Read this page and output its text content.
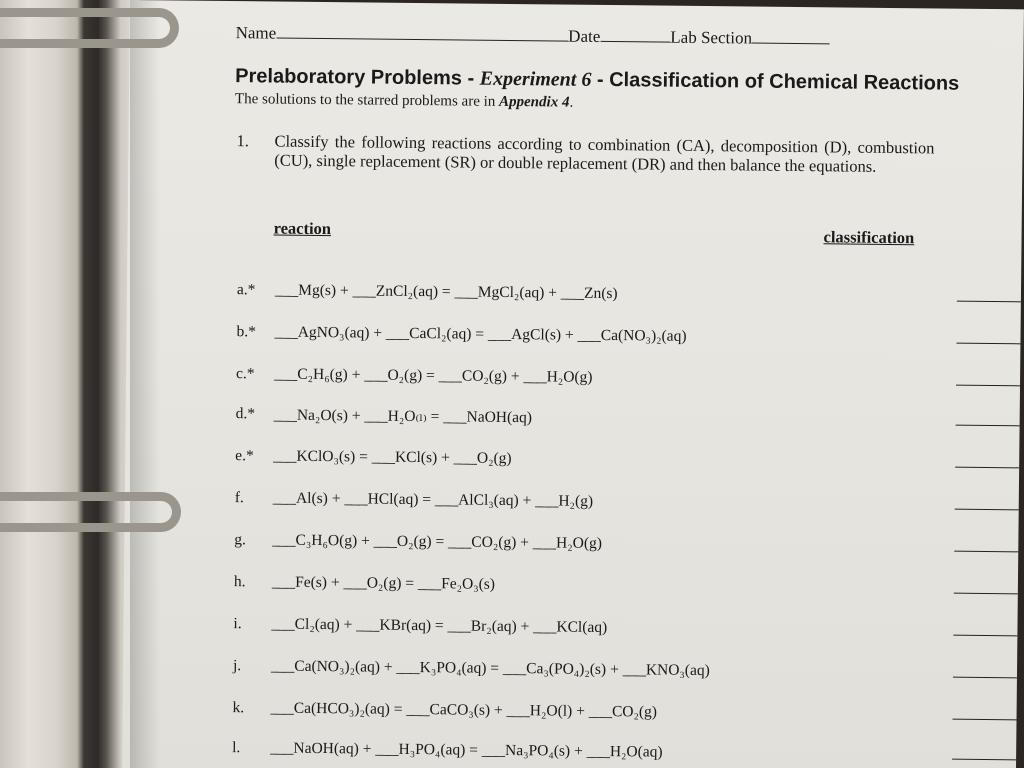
Name	Date	Lab Section
Prelaboratory Problems - Experiment 6 - Classification of Chemical Reactions
The solutions to the starred problems are in Appendix 4.
1. Classify the following reactions according to combination (CA), decomposition (D), combustion (CU), single replacement (SR) or double replacement (DR) and then balance the equations.
reaction	classification
a.* ___Mg(s) + ___ZnCl₂(aq) = ___MgCl₂(aq) + ___Zn(s)
b.* ___AgNO₃(aq) + ___CaCl₂(aq) = ___AgCl(s) + ___Ca(NO₃)₂(aq)
c.* ___C₂H₆(g) + ___O₂(g) = ___CO₂(g) + ___H₂O(g)
d.* ___Na₂O(s) + ___H₂O₍ₗ₎ = ___NaOH(aq)
e.* ___KClO₃(s) = ___KCl(s) + ___O₂(g)
f. ___Al(s) + ___HCl(aq) = ___AlCl₃(aq) + ___H₂(g)
g. ___C₃H₆O(g) + ___O₂(g) = ___CO₂(g) + ___H₂O(g)
h. ___Fe(s) + ___O₂(g) = ___Fe₂O₃(s)
i. ___Cl₂(aq) + ___KBr(aq) = ___Br₂(aq) + ___KCl(aq)
j. ___Ca(NO₃)₂(aq) + ___K₃PO₄(aq) = ___Ca₃(PO₄)₂(s) + ___KNO₃(aq)
k. ___Ca(HCO₃)₂(aq) = ___CaCO₃(s) + ___H₂O(l) + ___CO₂(g)
l. ___NaOH(aq) + ___H₃PO₄(aq) = ___Na₃PO₄(s) + ___H₂O(aq)
